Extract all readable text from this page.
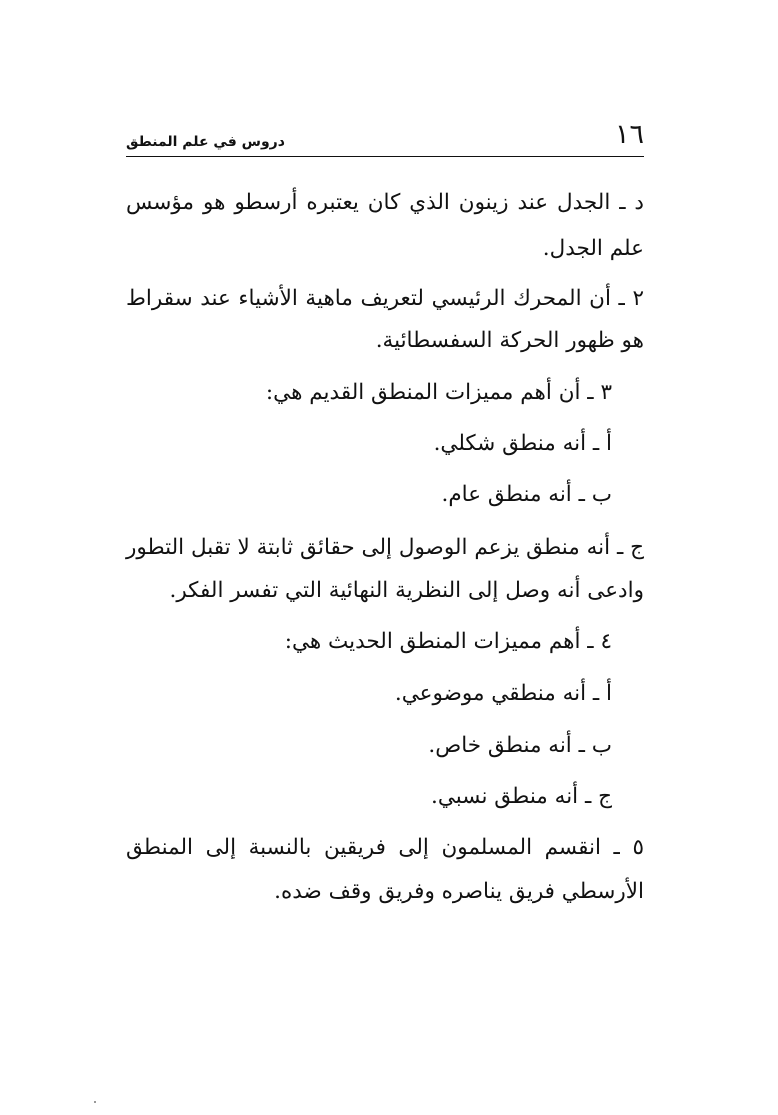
١٦
دروس في علم المنطق
د ـ الجدل عند زينون الذي كان يعتبره أرسطو هو مؤسس
علم الجدل.
٢ ـ أن المحرك الرئيسي لتعريف ماهية الأشياء عند سقراط
هو ظهور الحركة السفسطائية.
٣ ـ أن أهم مميزات المنطق القديم هي:
أ ـ أنه منطق شكلي.
ب ـ أنه منطق عام.
ج ـ أنه منطق يزعم الوصول إلى حقائق ثابتة لا تقبل التطور
وادعى أنه وصل إلى النظرية النهائية التي تفسر الفكر.
٤ ـ أهم مميزات المنطق الحديث هي:
أ ـ أنه منطقي موضوعي.
ب ـ أنه منطق خاص.
ج ـ أنه منطق نسبي.
٥ ـ انقسم المسلمون إلى فريقين بالنسبة إلى المنطق
الأرسطي فريق يناصره وفريق وقف ضده.
